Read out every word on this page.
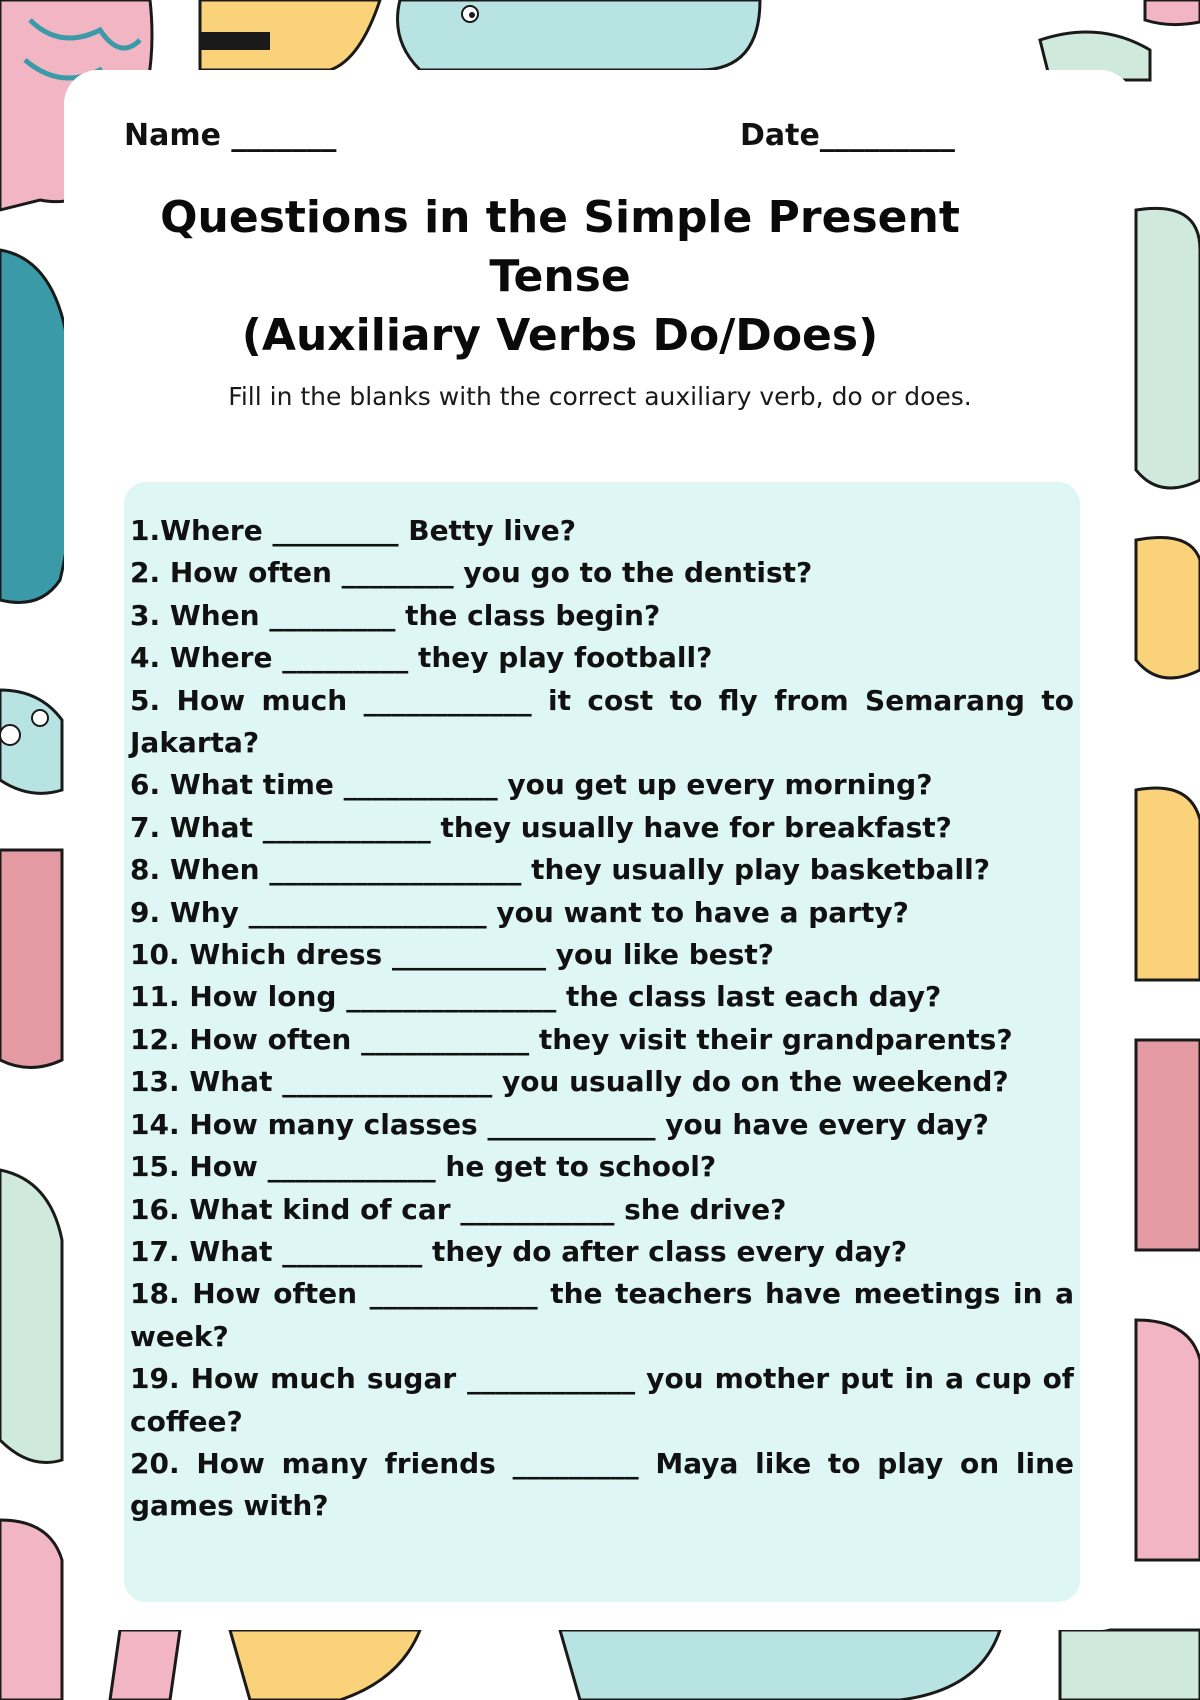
Name _______	Date_________
Questions in the Simple Present
Tense
(Auxiliary Verbs Do/Does)
Fill in the blanks with the correct auxiliary verb, do or does.
1.Where _________ Betty live?
2. How often ________ you go to the dentist?
3. When _________ the class begin?
4. Where _________ they play football?
5. How much ____________ it cost to fly from Semarang to Jakarta?
6. What time ___________ you get up every morning?
7. What ____________ they usually have for breakfast?
8. When __________________ they usually play basketball?
9. Why _________________ you want to have a party?
10. Which dress ___________ you like best?
11. How long _______________ the class last each day?
12. How often ____________ they visit their grandparents?
13. What _______________ you usually do on the weekend?
14. How many classes ____________ you have every day?
15. How ____________ he get to school?
16. What kind of car ___________ she drive?
17. What __________ they do after class every day?
18. How often ____________ the teachers have meetings in a week?
19. How much sugar ____________ you mother put in a cup of coffee?
20. How many friends _________ Maya like to play on line games with?
